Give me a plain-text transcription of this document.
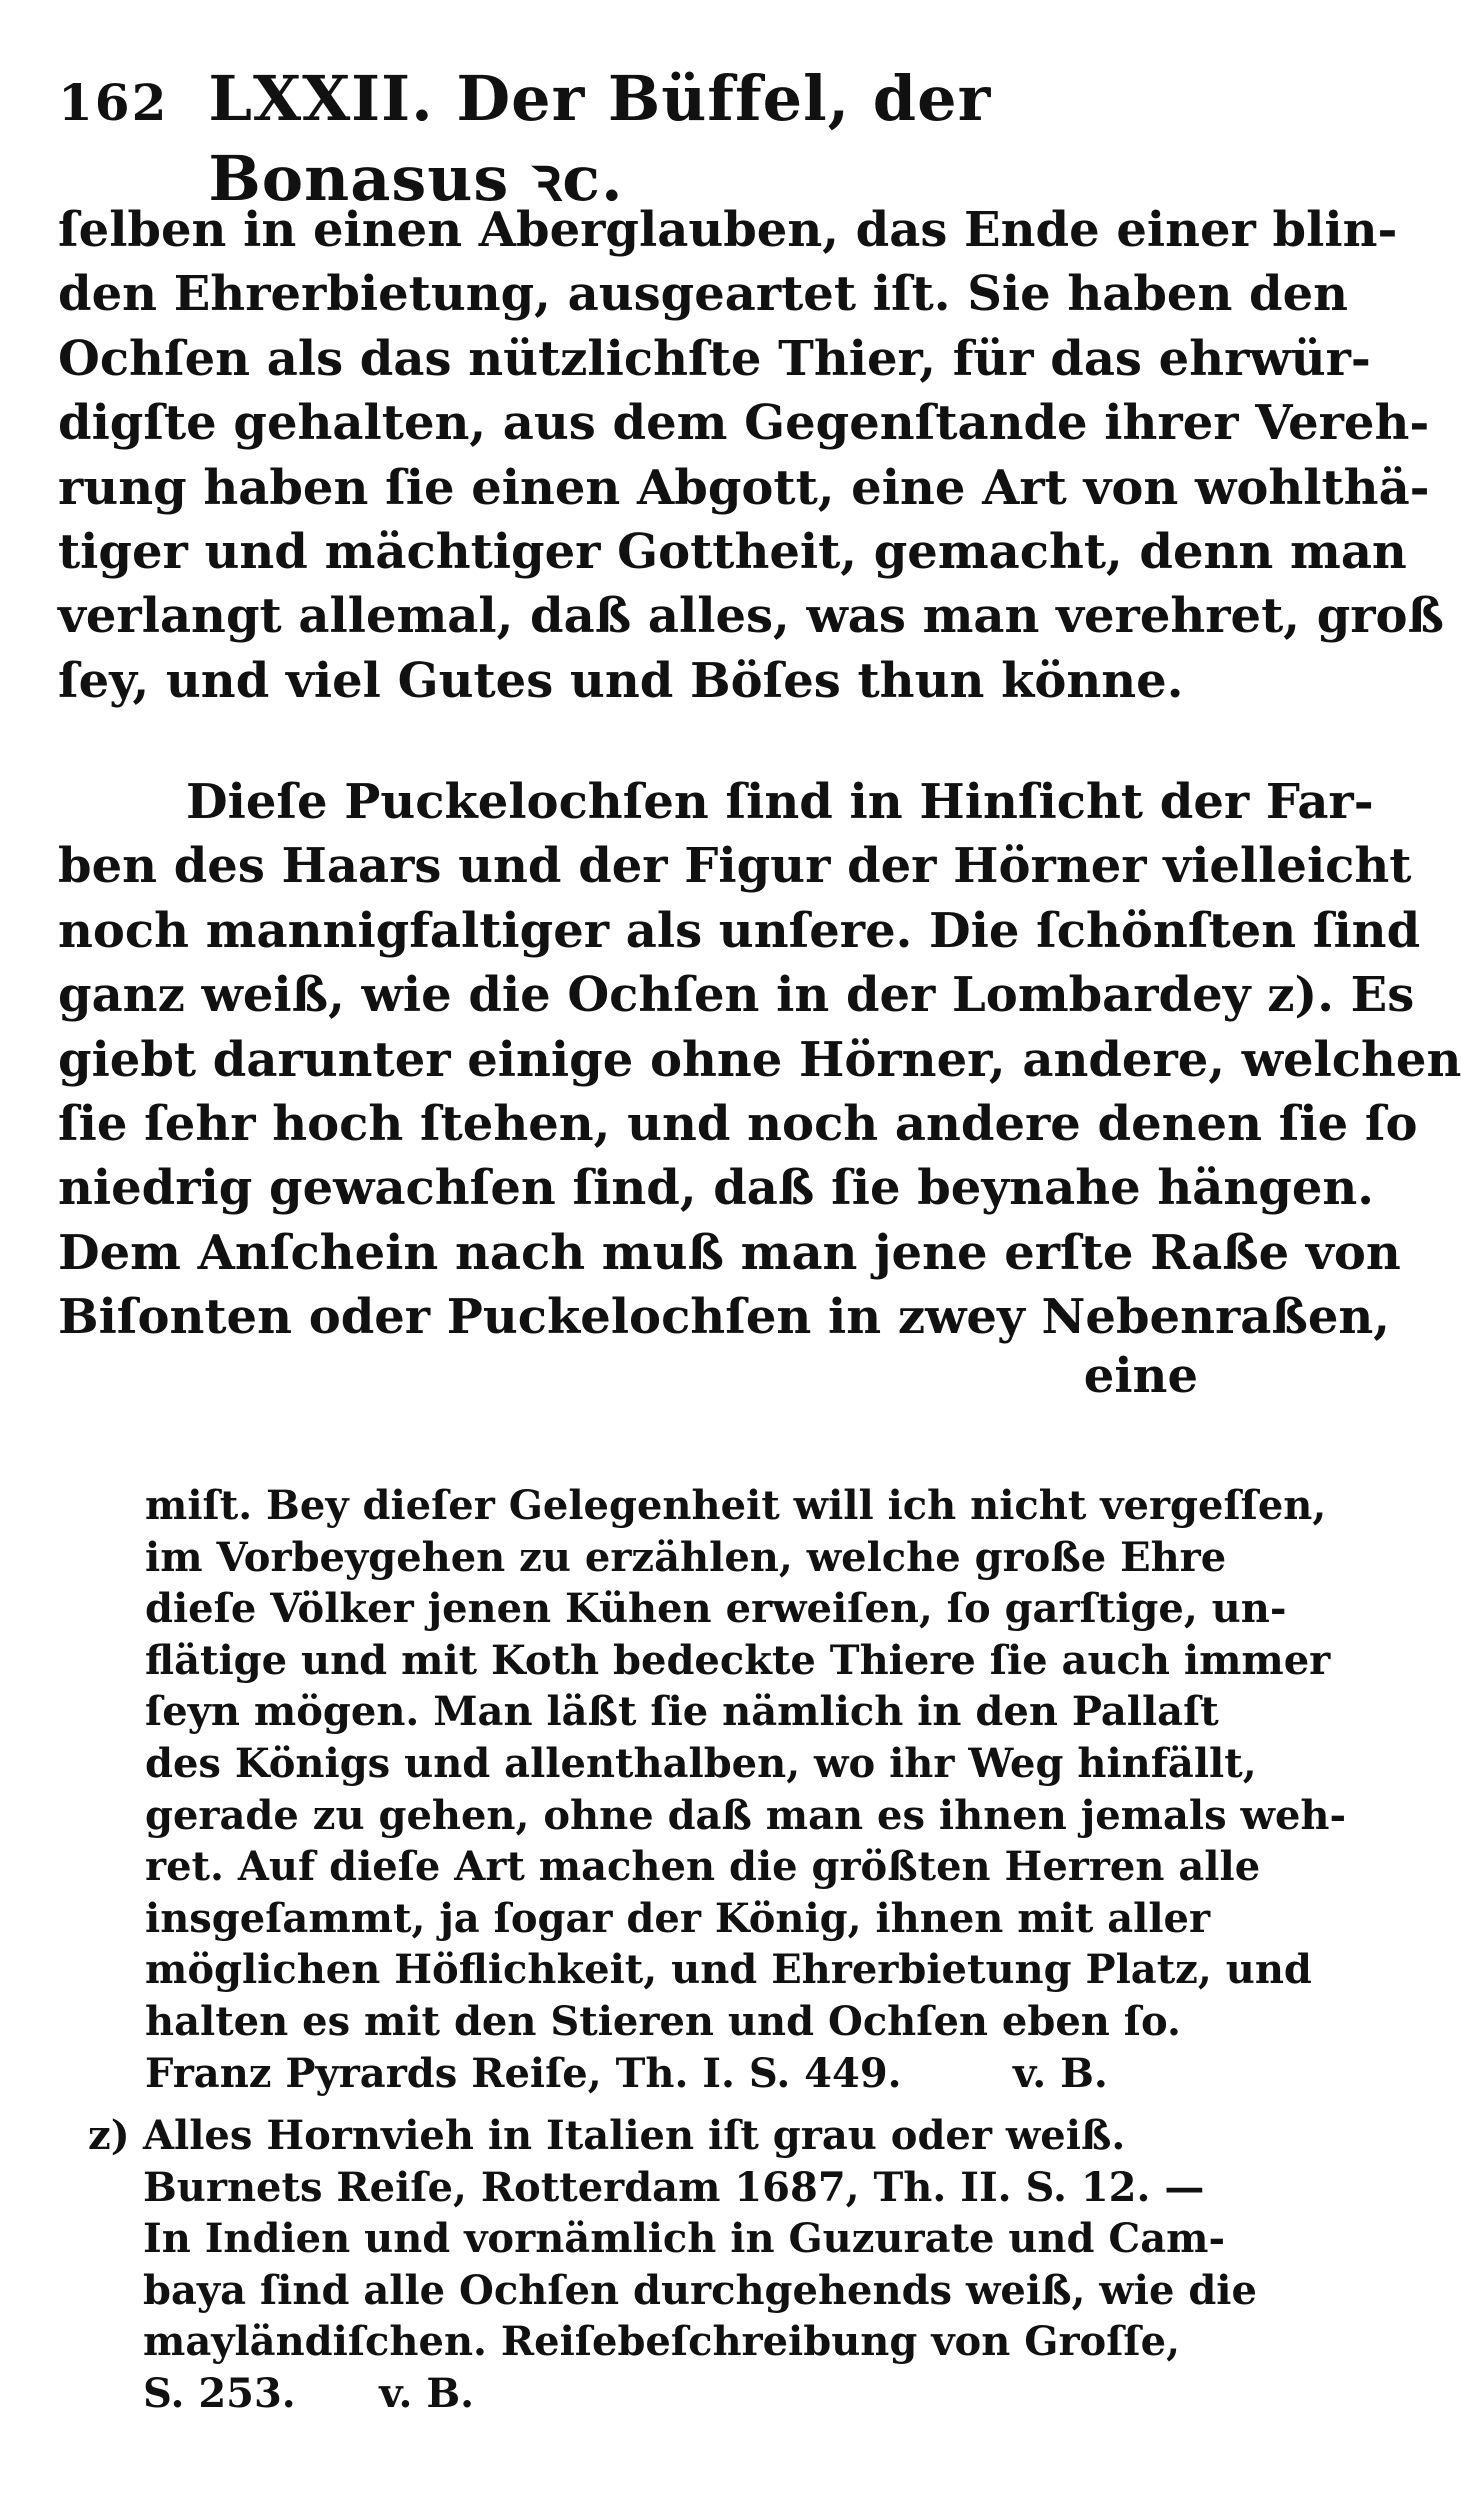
162 LXXII. Der Büffel, der Bonasus ꝛc.
ſelben in einen Aberglauben, das Ende einer blin-
den Ehrerbietung, ausgeartet iſt. Sie haben den
Ochſen als das nützlichſte Thier, für das ehrwür-
digſte gehalten, aus dem Gegenſtande ihrer Vereh-
rung haben ſie einen Abgott, eine Art von wohlthä-
tiger und mächtiger Gottheit, gemacht, denn man
verlangt allemal, daß alles, was man verehret, groß
ſey, und viel Gutes und Böſes thun könne.
Dieſe Puckelochſen ſind in Hinſicht der Far-
ben des Haars und der Figur der Hörner vielleicht
noch mannigfaltiger als unſere. Die ſchönſten ſind
ganz weiß, wie die Ochſen in der Lombardey z). Es
giebt darunter einige ohne Hörner, andere, welchen
ſie ſehr hoch ſtehen, und noch andere denen ſie ſo
niedrig gewachſen ſind, daß ſie beynahe hängen.
Dem Anſchein nach muß man jene erſte Raße von
Biſonten oder Puckelochſen in zwey Nebenraßen,
eine
miſt. Bey dieſer Gelegenheit will ich nicht vergeſſen,
im Vorbeygehen zu erzählen, welche große Ehre
dieſe Völker jenen Kühen erweiſen, ſo garſtige, un-
flätige und mit Koth bedeckte Thiere ſie auch immer
ſeyn mögen. Man läßt ſie nämlich in den Pallaſt
des Königs und allenthalben, wo ihr Weg hinfällt,
gerade zu gehen, ohne daß man es ihnen jemals weh-
ret. Auf dieſe Art machen die größten Herren alle
insgeſammt, ja ſogar der König, ihnen mit aller
möglichen Höflichkeit, und Ehrerbietung Platz, und
halten es mit den Stieren und Ochſen eben ſo.
Franz Pyrards Reiſe, Th. I. S. 449.        v. B.
z) Alles Hornvieh in Italien iſt grau oder weiß.
Burnets Reiſe, Rotterdam 1687, Th. II. S. 12. —
In Indien und vornämlich in Guzurate und Cam-
baya ſind alle Ochſen durchgehends weiß, wie die
mayländiſchen. Reiſebeſchreibung von Groſſe,
S. 253.      v. B.
